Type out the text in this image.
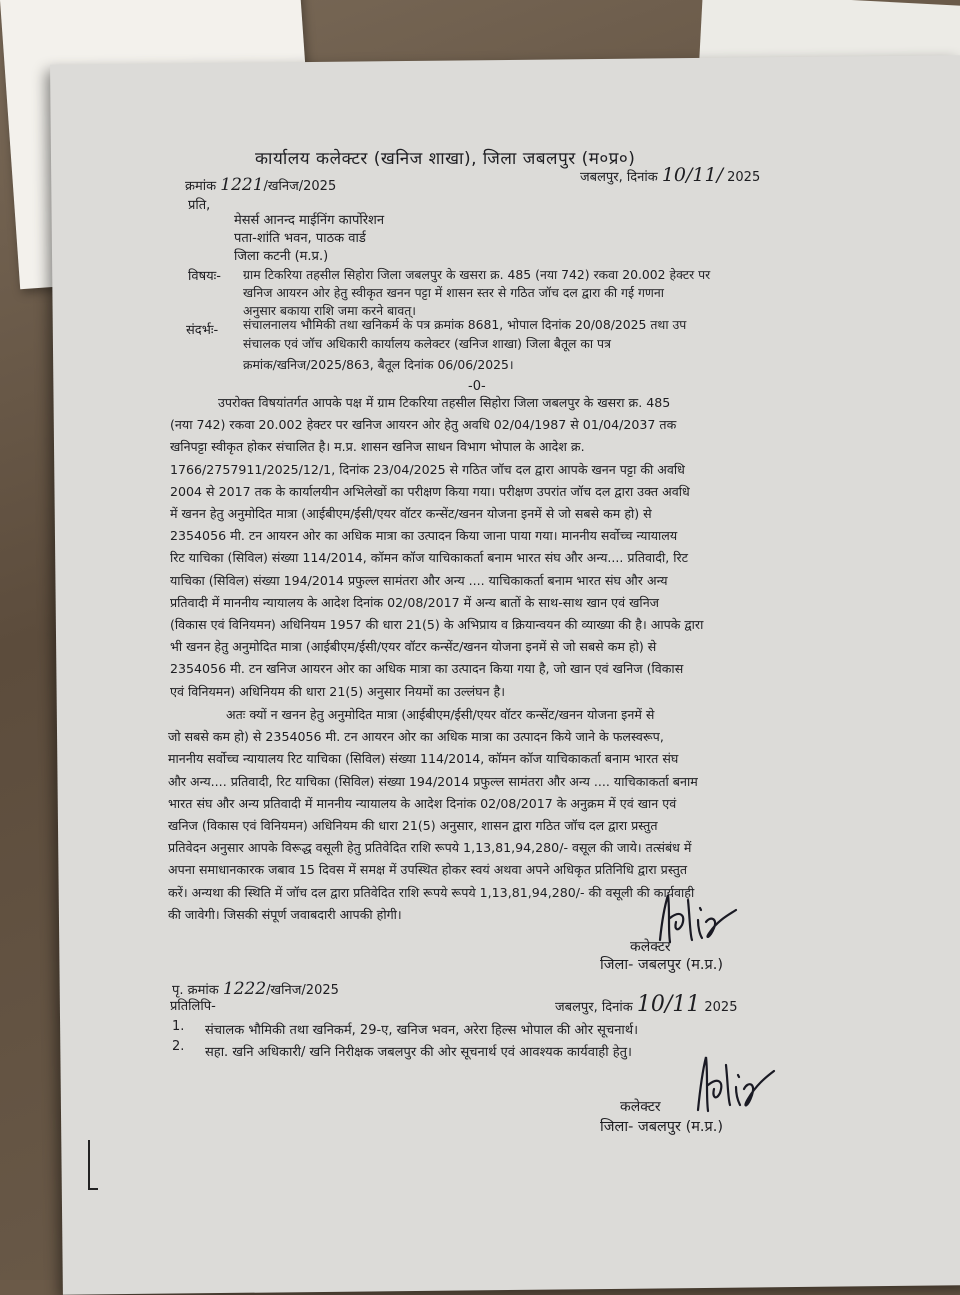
कार्यालय कलेक्टर (खनिज शाखा), जिला जबलपुर (म०प्र०)
क्रमांक 1221/खनिज/2025
जबलपुर, दिनांक 10/11/ 2025
प्रति,
मेसर्स आनन्द माईनिंग कार्पोरेशन
पता-शांति भवन, पाठक वार्ड
जिला कटनी (म.प्र.)
विषयः- ग्राम टिकरिया तहसील सिहोरा जिला जबलपुर के खसरा क्र. 485 (नया 742) रकवा 20.002 हेक्टर पर
खनिज आयरन ओर हेतु स्वीकृत खनन पट्टा में शासन स्तर से गठित जॉच दल द्वारा की गई गणना
अनुसार बकाया राशि जमा करने बावत्।
संदर्भः- संचालनालय भौमिकी तथा खनिकर्म के पत्र क्रमांक 8681, भोपाल दिनांक 20/08/2025 तथा उप
संचालक एवं जॉच अधिकारी कार्यालय कलेक्टर (खनिज शाखा) जिला बैतूल का पत्र
क्रमांक/खनिज/2025/863, बैतूल दिनांक 06/06/2025।
-0-
उपरोक्त विषयांतर्गत आपके पक्ष में ग्राम टिकरिया तहसील सिहोरा जिला जबलपुर के खसरा क्र. 485
(नया 742) रकवा 20.002 हेक्टर पर खनिज आयरन ओर हेतु अवधि 02/04/1987 से 01/04/2037 तक
खनिपट्टा स्वीकृत होकर संचालित है। म.प्र. शासन खनिज साधन विभाग भोपाल के आदेश क्र.
1766/2757911/2025/12/1, दिनांक 23/04/2025 से गठित जॉच दल द्वारा आपके खनन पट्टा की अवधि
2004 से 2017 तक के कार्यालयीन अभिलेखों का परीक्षण किया गया। परीक्षण उपरांत जॉच दल द्वारा उक्त अवधि
में खनन हेतु अनुमोदित मात्रा (आईबीएम/ईसी/एयर वॉटर कन्सेंट/खनन योजना इनमें से जो सबसे कम हो) से
2354056 मी. टन आयरन ओर का अधिक मात्रा का उत्पादन किया जाना पाया गया। माननीय सर्वोच्च न्यायालय
रिट याचिका (सिविल) संख्या 114/2014, कॉमन कॉज याचिकाकर्ता बनाम भारत संघ और अन्य.... प्रतिवादी, रिट
याचिका (सिविल) संख्या 194/2014 प्रफुल्ल सामंतरा और अन्य .... याचिकाकर्ता बनाम भारत संघ और अन्य
प्रतिवादी में माननीय न्यायालय के आदेश दिनांक 02/08/2017 में अन्य बातों के साथ-साथ खान एवं खनिज
(विकास एवं विनियमन) अधिनियम 1957 की धारा 21(5) के अभिप्राय व क्रियान्वयन की व्याख्या की है। आपके द्वारा
भी खनन हेतु अनुमोदित मात्रा (आईबीएम/ईसी/एयर वॉटर कन्सेंट/खनन योजना इनमें से जो सबसे कम हो) से
2354056 मी. टन खनिज आयरन ओर का अधिक मात्रा का उत्पादन किया गया है, जो खान एवं खनिज (विकास
एवं विनियमन) अधिनियम की धारा 21(5) अनुसार नियमों का उल्लंघन है।
अतः क्यों न खनन हेतु अनुमोदित मात्रा (आईबीएम/ईसी/एयर वॉटर कन्सेंट/खनन योजना इनमें से
जो सबसे कम हो) से 2354056 मी. टन आयरन ओर का अधिक मात्रा का उत्पादन किये जाने के फलस्वरूप,
माननीय सर्वोच्च न्यायालय रिट याचिका (सिविल) संख्या 114/2014, कॉमन कॉज याचिकाकर्ता बनाम भारत संघ
और अन्य.... प्रतिवादी, रिट याचिका (सिविल) संख्या 194/2014 प्रफुल्ल सामंतरा और अन्य .... याचिकाकर्ता बनाम
भारत संघ और अन्य प्रतिवादी में माननीय न्यायालय के आदेश दिनांक 02/08/2017 के अनुक्रम में एवं खान एवं
खनिज (विकास एवं विनियमन) अधिनियम की धारा 21(5) अनुसार, शासन द्वारा गठित जॉच दल द्वारा प्रस्तुत
प्रतिवेदन अनुसार आपके विरूद्ध वसूली हेतु प्रतिवेदित राशि रूपये 1,13,81,94,280/- वसूल की जाये। तत्संबंध में
अपना समाधानकारक जबाव 15 दिवस में समक्ष में उपस्थित होकर स्वयं अथवा अपने अधिकृत प्रतिनिधि द्वारा प्रस्तुत
करें। अन्यथा की स्थिति में जॉच दल द्वारा प्रतिवेदित राशि रूपये रूपये 1,13,81,94,280/- की वसूली की कार्यवाही
की जावेगी। जिसकी संपूर्ण जवाबदारी आपकी होगी।
कलेक्टर
जिला- जबलपुर (म.प्र.)
पृ. क्रमांक 1222/खनिज/2025
जबलपुर, दिनांक 10/11 2025
प्रतिलिपि-
1. संचालक भौमिकी तथा खनिकर्म, 29-ए, खनिज भवन, अरेरा हिल्स भोपाल की ओर सूचनार्थ।
2. सहा. खनि अधिकारी/ खनि निरीक्षक जबलपुर की ओर सूचनार्थ एवं आवश्यक कार्यवाही हेतु।
कलेक्टर
जिला- जबलपुर (म.प्र.)
